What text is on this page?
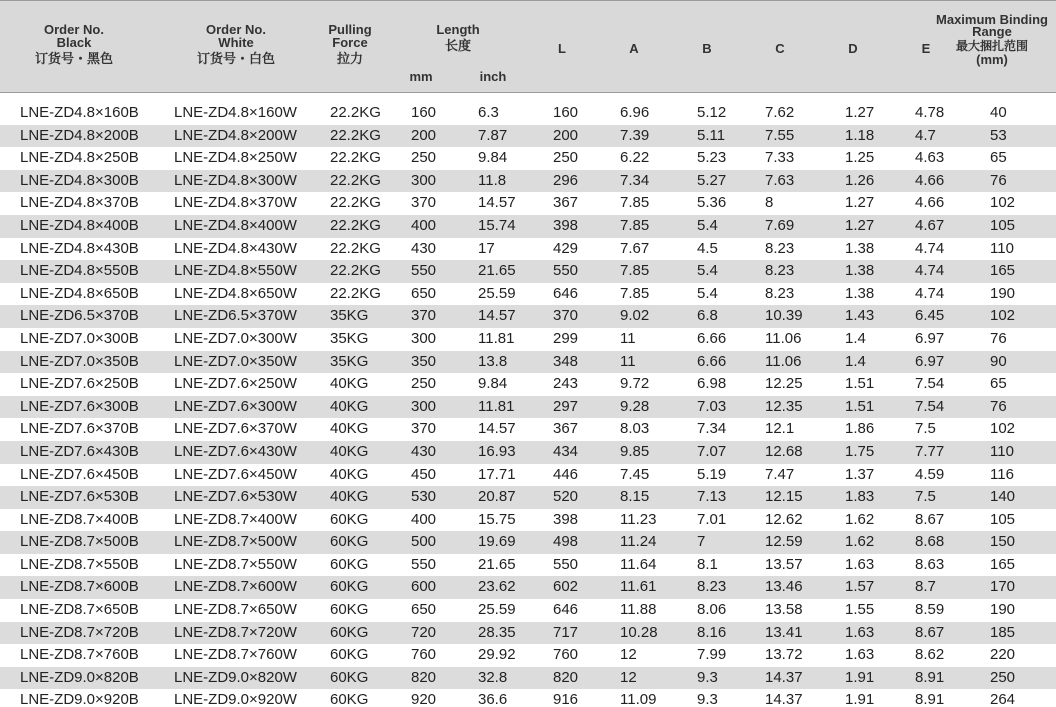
Order No.
Black
订货号・黑色
Order No.
White
订货号・白色
Pulling
Force
拉力
Length
长度
mm	inch
L	A	B	C	D	E
Maximum Binding
Range
最大捆扎范围
(mm)
LNE-ZD4.8×160B LNE-ZD4.8×160W 22.2KG 160	6.3	160	6.96	5.12	7.62	1.27	4.78	40
LNE-ZD4.8×200B LNE-ZD4.8×200W 22.2KG 200	7.87	200	7.39	5.11	7.55	1.18	4.7	53
LNE-ZD4.8×250B LNE-ZD4.8×250W 22.2KG 250	9.84	250	6.22	5.23	7.33	1.25	4.63	65
LNE-ZD4.8×300B LNE-ZD4.8×300W 22.2KG 300	11.8	296	7.34	5.27	7.63	1.26	4.66	76
LNE-ZD4.8×370B LNE-ZD4.8×370W 22.2KG 370	14.57 367	7.85	5.36	8	1.27	4.66	102
LNE-ZD4.8×400B LNE-ZD4.8×400W 22.2KG 400	15.74 398	7.85	5.4	7.69	1.27	4.67	105
LNE-ZD4.8×430B LNE-ZD4.8×430W 22.2KG 430	17	429	7.67	4.5	8.23	1.38	4.74	110
LNE-ZD4.8×550B LNE-ZD4.8×550W 22.2KG 550	21.65 550	7.85	5.4	8.23	1.38	4.74	165
LNE-ZD4.8×650B LNE-ZD4.8×650W 22.2KG 650	25.59 646	7.85	5.4	8.23	1.38	4.74	190
LNE-ZD6.5×370B LNE-ZD6.5×370W 35KG	370	14.57 370	9.02	6.8	10.39	1.43	6.45	102
LNE-ZD7.0×300B LNE-ZD7.0×300W 35KG	300	11.81	299	11	6.66	11.06	1.4	6.97	76
LNE-ZD7.0×350B LNE-ZD7.0×350W 35KG	350	13.8	348	11	6.66	11.06	1.4	6.97	90
LNE-ZD7.6×250B LNE-ZD7.6×250W 40KG	250	9.84	243	9.72	6.98	12.25	1.51	7.54	65
LNE-ZD7.6×300B LNE-ZD7.6×300W 40KG	300	11.81	297	9.28	7.03	12.35	1.51	7.54	76
LNE-ZD7.6×370B LNE-ZD7.6×370W 40KG	370	14.57 367	8.03	7.34	12.1	1.86	7.5	102
LNE-ZD7.6×430B LNE-ZD7.6×430W 40KG	430	16.93 434	9.85	7.07	12.68	1.75	7.77	110
LNE-ZD7.6×450B LNE-ZD7.6×450W 40KG	450	17.71 446	7.45	5.19	7.47	1.37	4.59	116
LNE-ZD7.6×530B LNE-ZD7.6×530W 40KG	530	20.87 520	8.15	7.13	12.15	1.83	7.5	140
LNE-ZD8.7×400B LNE-ZD8.7×400W 60KG	400	15.75 398	11.23	7.01	12.62	1.62	8.67	105
LNE-ZD8.7×500B LNE-ZD8.7×500W 60KG	500	19.69 498	11.24	7	12.59	1.62	8.68	150
LNE-ZD8.7×550B LNE-ZD8.7×550W 60KG	550	21.65 550	11.64	8.1	13.57	1.63	8.63	165
LNE-ZD8.7×600B LNE-ZD8.7×600W 60KG	600	23.62 602	11.61	8.23	13.46	1.57	8.7	170
LNE-ZD8.7×650B LNE-ZD8.7×650W 60KG	650	25.59 646	11.88	8.06	13.58	1.55	8.59	190
LNE-ZD8.7×720B LNE-ZD8.7×720W 60KG	720	28.35 717	10.28	8.16	13.41	1.63	8.67	185
LNE-ZD8.7×760B LNE-ZD8.7×760W 60KG	760	29.92 760	12	7.99	13.72	1.63	8.62	220
LNE-ZD9.0×820B LNE-ZD9.0×820W 60KG	820	32.8	820	12	9.3	14.37	1.91	8.91	250
LNE-ZD9.0×920B LNE-ZD9.0×920W 60KG	920	36.6	916	11.09	9.3	14.37	1.91	8.91	264
